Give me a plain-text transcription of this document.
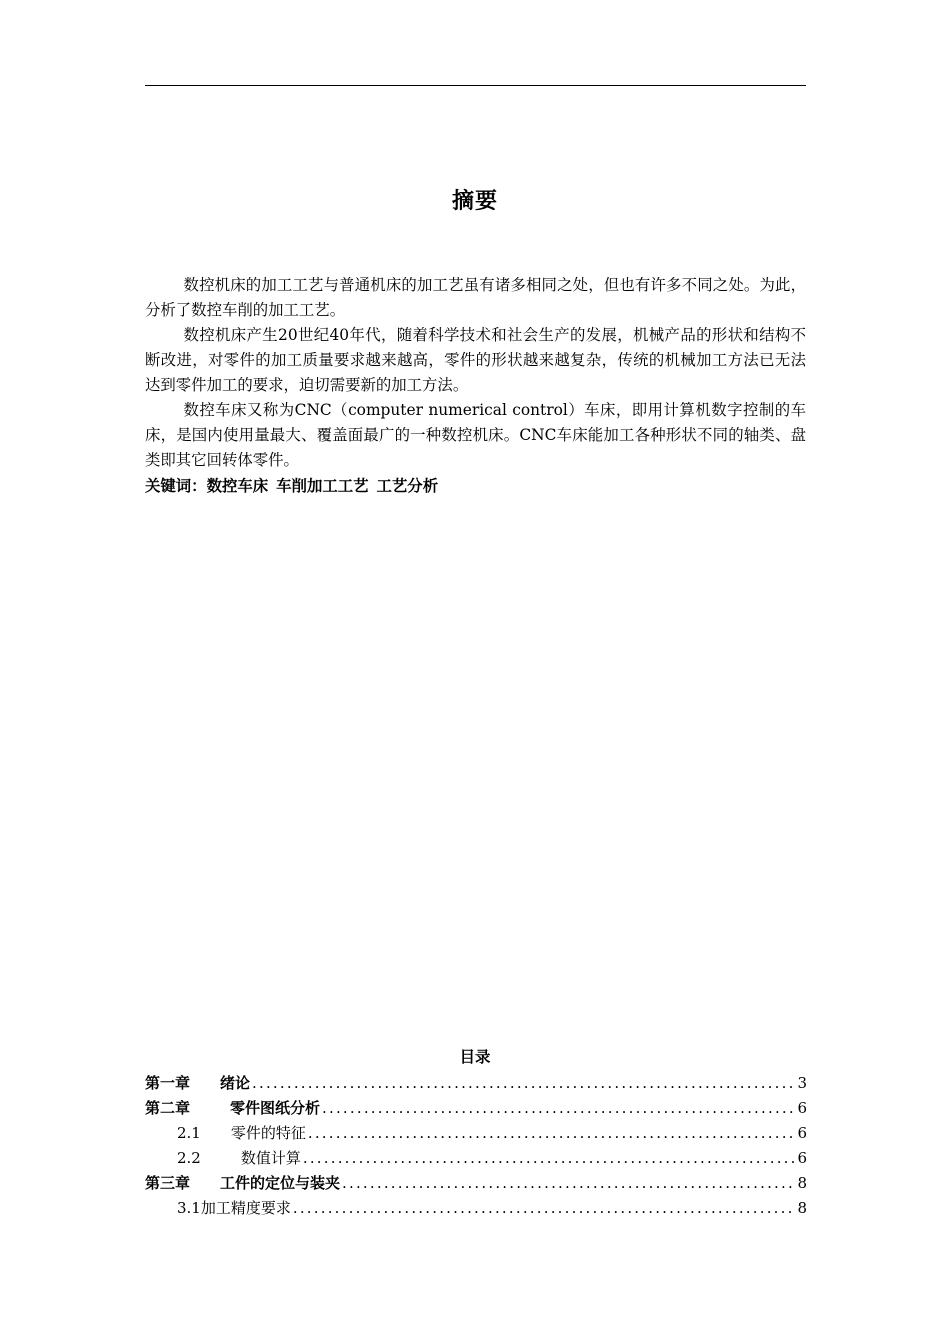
摘要

数控机床的加工工艺与普通机床的加工艺虽有诸多相同之处，但也有许多不同之处。为此，分析了数控车削的加工工艺。

数控机床产生20世纪40年代，随着科学技术和社会生产的发展，机械产品的形状和结构不断改进，对零件的加工质量要求越来越高，零件的形状越来越复杂，传统的机械加工方法已无法达到零件加工的要求，迫切需要新的加工方法。

数控车床又称为CNC（computer numerical control）车床，即用计算机数字控制的车床，是国内使用量最大、覆盖面最广的一种数控机床。CNC车床能加工各种形状不同的轴类、盘类即其它回转体零件。

关键词：数控车床 车削加工工艺 工艺分析
目录
第一章 绪论 .....	3
第二章	零件图纸分析 .....	6
2.1 零件的特征 .....	6
2.2	数值计算 .....	6
第三章 工件的定位与装夹 .....	8
3.1加工精度要求 .....	8
